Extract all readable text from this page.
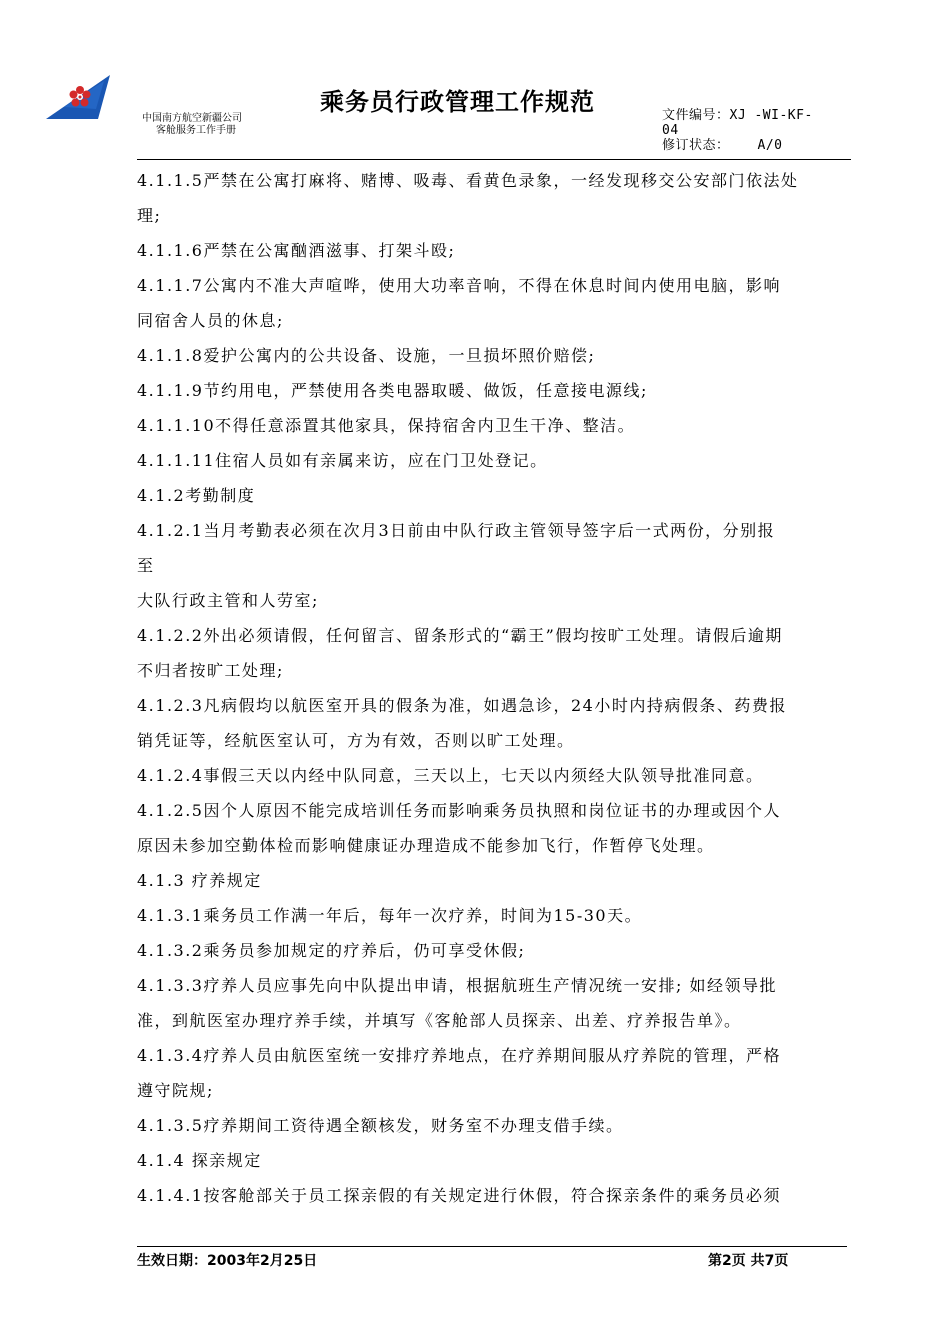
中国南方航空新疆公司
客舱服务工作手册
乘务员行政管理工作规范	文件编号：XJ -WI-KF-
04
修订状态： A/0
4.1.1.5严禁在公寓打麻将、赌博、吸毒、看黄色录象，一经发现移交公安部门依法处
理;
4.1.1.6严禁在公寓酗酒滋事、打架斗殴;
4.1.1.7公寓内不准大声喧哗，使用大功率音响，不得在休息时间内使用电脑，影响
同宿舍人员的休息;
4.1.1.8爱护公寓内的公共设备、设施，一旦损坏照价赔偿;
4.1.1.9节约用电，严禁使用各类电器取暖、做饭，任意接电源线;
4.1.1.10不得任意添置其他家具，保持宿舍内卫生干净、整洁。
4.1.1.11住宿人员如有亲属来访，应在门卫处登记。
4.1.2考勤制度
4.1.2.1当月考勤表必须在次月3日前由中队行政主管领导签字后一式两份，分别报
至
大队行政主管和人劳室;
4.1.2.2外出必须请假，任何留言、留条形式的“霸王”假均按旷工处理。请假后逾期
不归者按旷工处理;
4.1.2.3凡病假均以航医室开具的假条为准，如遇急诊，24小时内持病假条、药费报
销凭证等，经航医室认可，方为有效，否则以旷工处理。
4.1.2.4事假三天以内经中队同意，三天以上，七天以内须经大队领导批准同意。
4.1.2.5因个人原因不能完成培训任务而影响乘务员执照和岗位证书的办理或因个人
原因未参加空勤体检而影响健康证办理造成不能参加飞行，作暂停飞处理。
4.1.3 疗养规定
4.1.3.1乘务员工作满一年后，每年一次疗养，时间为15-30天。
4.1.3.2乘务员参加规定的疗养后，仍可享受休假;
4.1.3.3疗养人员应事先向中队提出申请，根据航班生产情况统一安排; 如经领导批
准，到航医室办理疗养手续，并填写《客舱部人员探亲、出差、疗养报告单》。
4.1.3.4疗养人员由航医室统一安排疗养地点，在疗养期间服从疗养院的管理，严格
遵守院规;
4.1.3.5疗养期间工资待遇全额核发，财务室不办理支借手续。
4.1.4 探亲规定
4.1.4.1按客舱部关于员工探亲假的有关规定进行休假，符合探亲条件的乘务员必须
生效日期：2003年2月25日	第2页 共7页
